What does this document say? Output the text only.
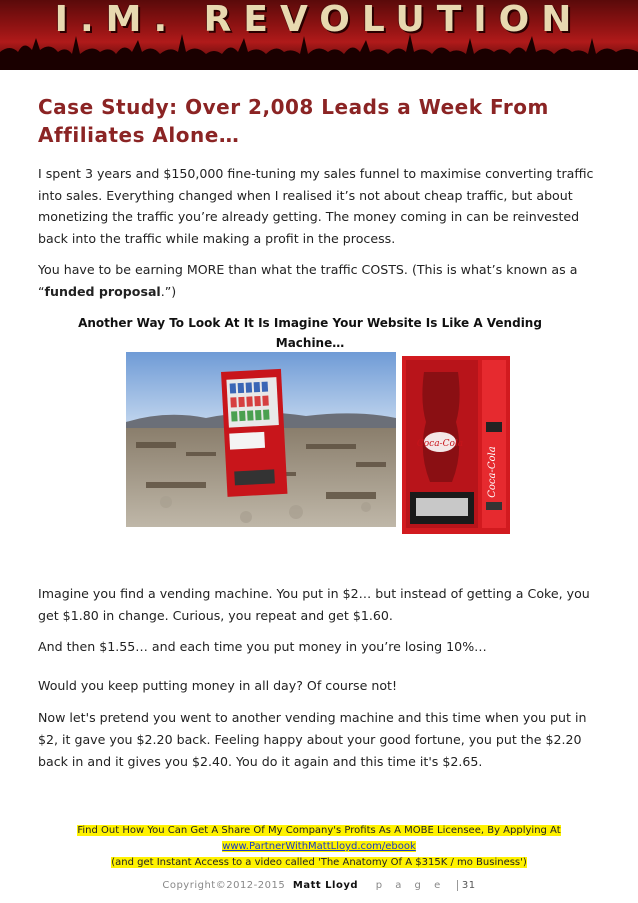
I.M. REVOLUTION
Case Study: Over 2,008 Leads a Week From
Affiliates Alone…

I spent 3 years and $150,000 fine-tuning my sales funnel to maximise converting traffic into sales. Everything changed when I realised it’s not about cheap traffic, but about monetizing the traffic you’re already getting. The money coming in can be reinvested back into the traffic while making a profit in the process.

You have to be earning MORE than what the traffic COSTS. (This is what’s known as a “funded proposal.”)

Another Way To Look At It Is Imagine Your Website Is Like A Vending Machine…
Coca-Cola
Coca-Cola

Imagine you find a vending machine. You put in $2… but instead of getting a Coke, you get $1.80 in change. Curious, you repeat and get $1.60.

And then $1.55… and each time you put money in you’re losing 10%…

Would you keep putting money in all day? Of course not!

Now let's pretend you went to another vending machine and this time when you put in $2, it gave you $2.20 back. Feeling happy about your good fortune, you put the $2.20 back in and it gives you $2.40. You do it again and this time it's $2.65.

Find Out How You Can Get A Share Of My Company's Profits As A MOBE Licensee, By Applying At
www.PartnerWithMattLloyd.com/ebook
(and get Instant Access to a video called 'The Anatomy Of A $315K / mo Business')
Copyright©2012-2015 Matt Lloyd p a g e 31
